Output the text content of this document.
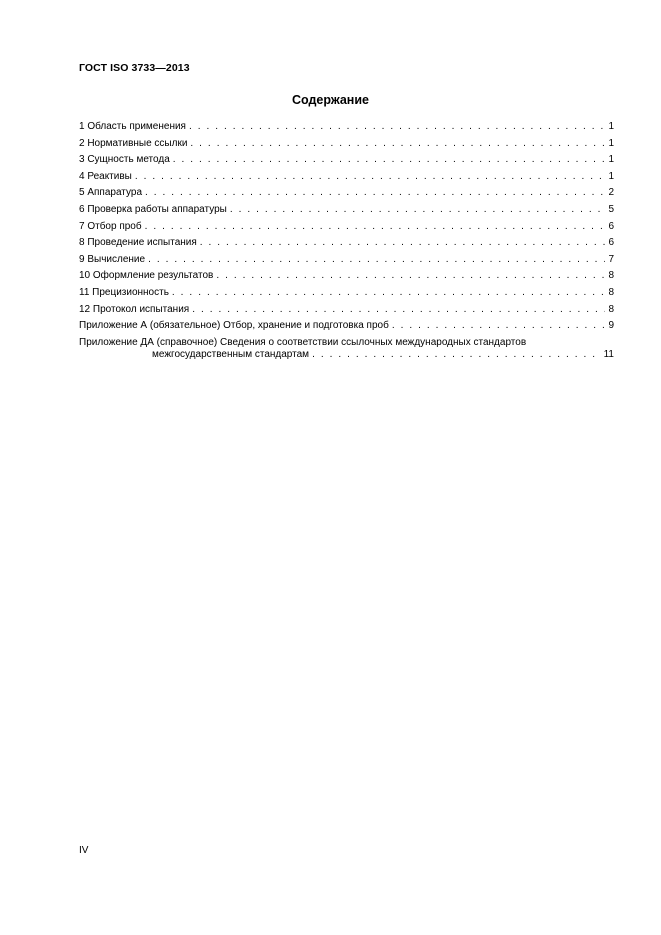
ГОСТ ISO 3733—2013
Содержание
1 Область применения . . .	1
2 Нормативные ссылки . . .	1
3 Сущность метода . . .	1
4 Реактивы . . .	1
5 Аппаратура . . .	2
6 Проверка работы аппаратуры . . .	5
7 Отбор проб . . .	6
8 Проведение испытания . . .	6
9 Вычисление . . .	7
10 Оформление результатов . . .	8
11 Прецизионность . . .	8
12 Протокол испытания . . .	8
Приложение А (обязательное) Отбор, хранение и подготовка проб . . .	9
Приложение ДА (справочное) Сведения о соответствии ссылочных международных стандартов
межгосударственным стандартам . . .	11
IV
